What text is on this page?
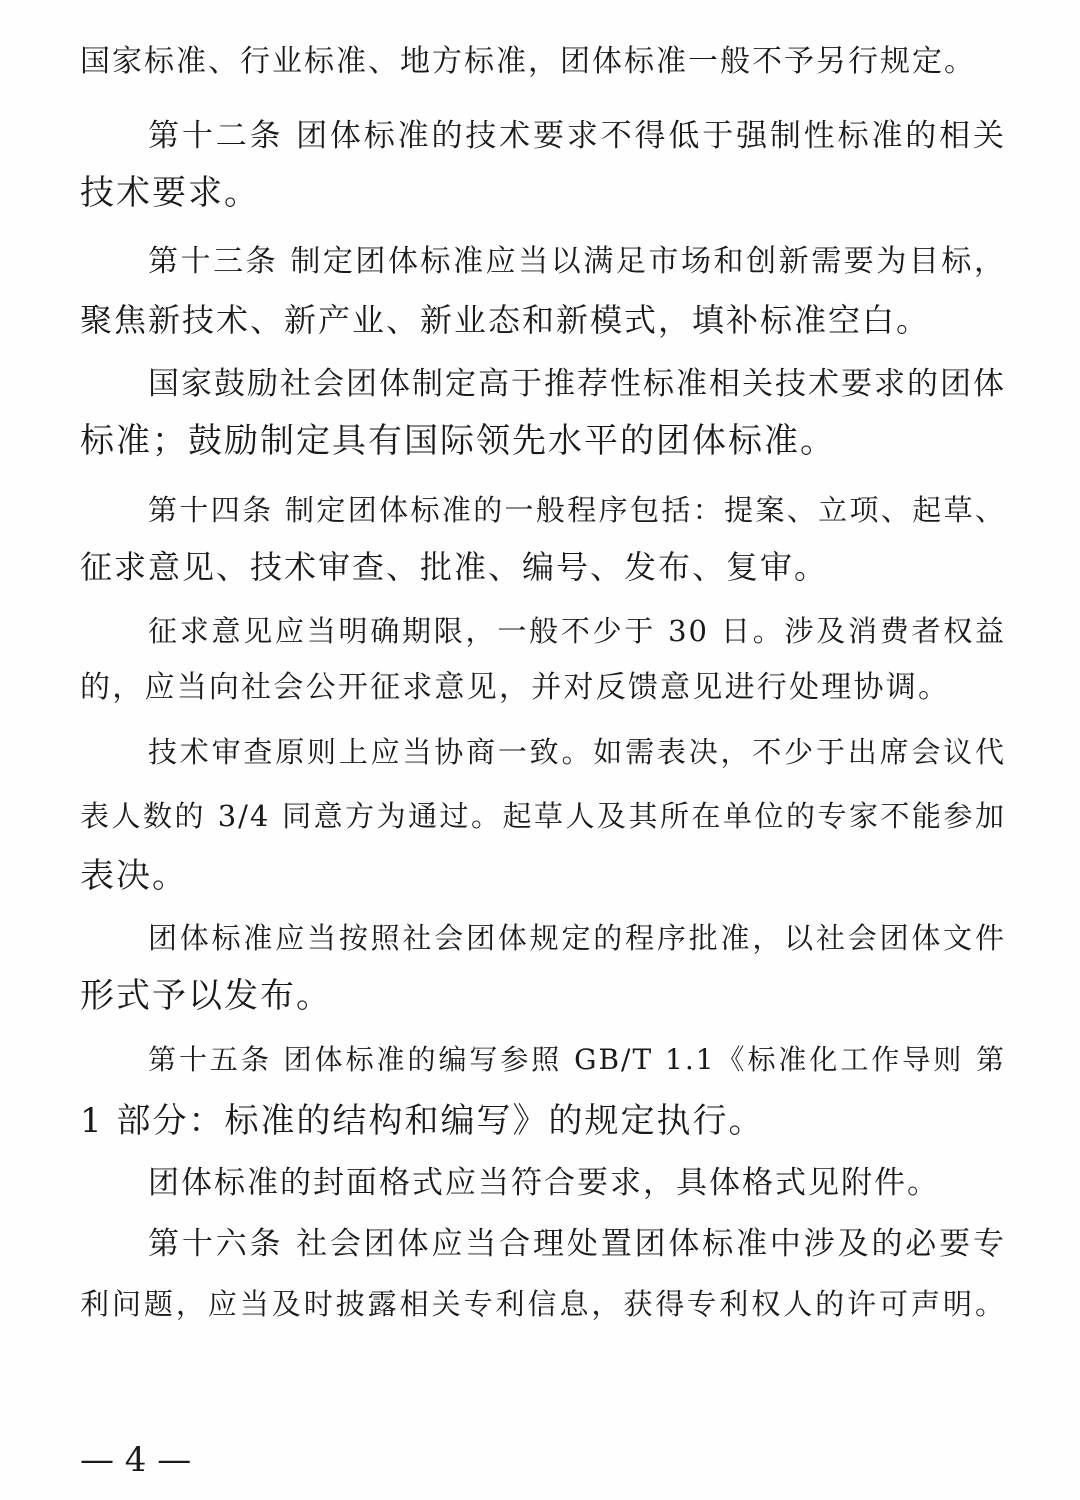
国家标准、行业标准、地方标准，团体标准一般不予另行规定。
第十二条 团体标准的技术要求不得低于强制性标准的相关
技术要求。
第十三条 制定团体标准应当以满足市场和创新需要为目标，
聚焦新技术、新产业、新业态和新模式，填补标准空白。
国家鼓励社会团体制定高于推荐性标准相关技术要求的团体
标准；鼓励制定具有国际领先水平的团体标准。
第十四条 制定团体标准的一般程序包括：提案、立项、起草、
征求意见、技术审查、批准、编号、发布、复审。
征求意见应当明确期限，一般不少于 30 日。涉及消费者权益
的，应当向社会公开征求意见，并对反馈意见进行处理协调。
技术审查原则上应当协商一致。如需表决，不少于出席会议代
表人数的 3/4 同意方为通过。起草人及其所在单位的专家不能参加
表决。
团体标准应当按照社会团体规定的程序批准，以社会团体文件
形式予以发布。
第十五条 团体标准的编写参照 GB/T 1.1《标准化工作导则 第
1 部分：标准的结构和编写》的规定执行。
团体标准的封面格式应当符合要求，具体格式见附件。
第十六条 社会团体应当合理处置团体标准中涉及的必要专
利问题，应当及时披露相关专利信息，获得专利权人的许可声明。
— 4 —
